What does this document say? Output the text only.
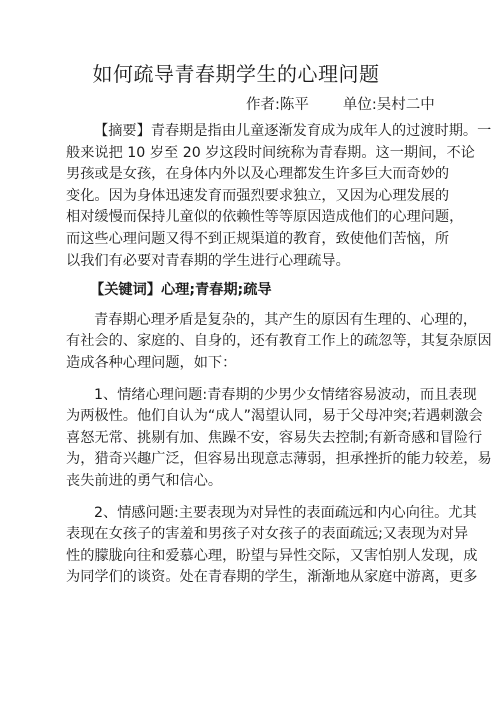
如何疏导青春期学生的心理问题
作者:陈平 单位:吴村二中
【摘要】青春期是指由儿童逐渐发育成为成年人的过渡时期。一
般来说把 10 岁至 20 岁这段时间统称为青春期。这一期间，不论
男孩或是女孩，在身体内外以及心理都发生许多巨大而奇妙的
变化。因为身体迅速发育而强烈要求独立，又因为心理发展的
相对缓慢而保持儿童似的依赖性等等原因造成他们的心理问题，
而这些心理问题又得不到正规渠道的教育，致使他们苦恼，所
以我们有必要对青春期的学生进行心理疏导。
【关键词】心理;青春期;疏导
青春期心理矛盾是复杂的，其产生的原因有生理的、心理的，
有社会的、家庭的、自身的，还有教育工作上的疏忽等，其复杂原因
造成各种心理问题，如下：
1、情绪心理问题:青春期的少男少女情绪容易波动，而且表现
为两极性。他们自认为“成人”渴望认同，易于父母冲突;若遇刺激会
喜怒无常、挑剔有加、焦躁不安，容易失去控制;有新奇感和冒险行
为，猎奇兴趣广泛，但容易出现意志薄弱，担承挫折的能力较差，易
丧失前进的勇气和信心。
2、情感问题:主要表现为对异性的表面疏远和内心向往。尤其
表现在女孩子的害羞和男孩子对女孩子的表面疏远;又表现为对异
性的朦胧向往和爱慕心理，盼望与异性交际，又害怕别人发现，成
为同学们的谈资。处在青春期的学生，渐渐地从家庭中游离，更多
